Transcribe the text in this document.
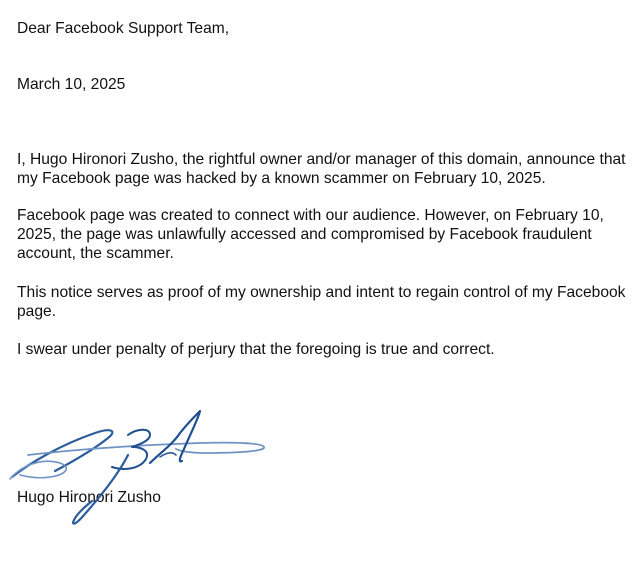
Dear Facebook Support Team,

March 10, 2025

I, Hugo Hironori Zusho, the rightful owner and/or manager of this domain, announce that my Facebook page was hacked by a known scammer on February 10, 2025.

Facebook page was created to connect with our audience. However, on February 10, 2025, the page was unlawfully accessed and compromised by Facebook fraudulent account, the scammer.

This notice serves as proof of my ownership and intent to regain control of my Facebook page.

I swear under penalty of perjury that the foregoing is true and correct.

Hugo Hironori Zusho
